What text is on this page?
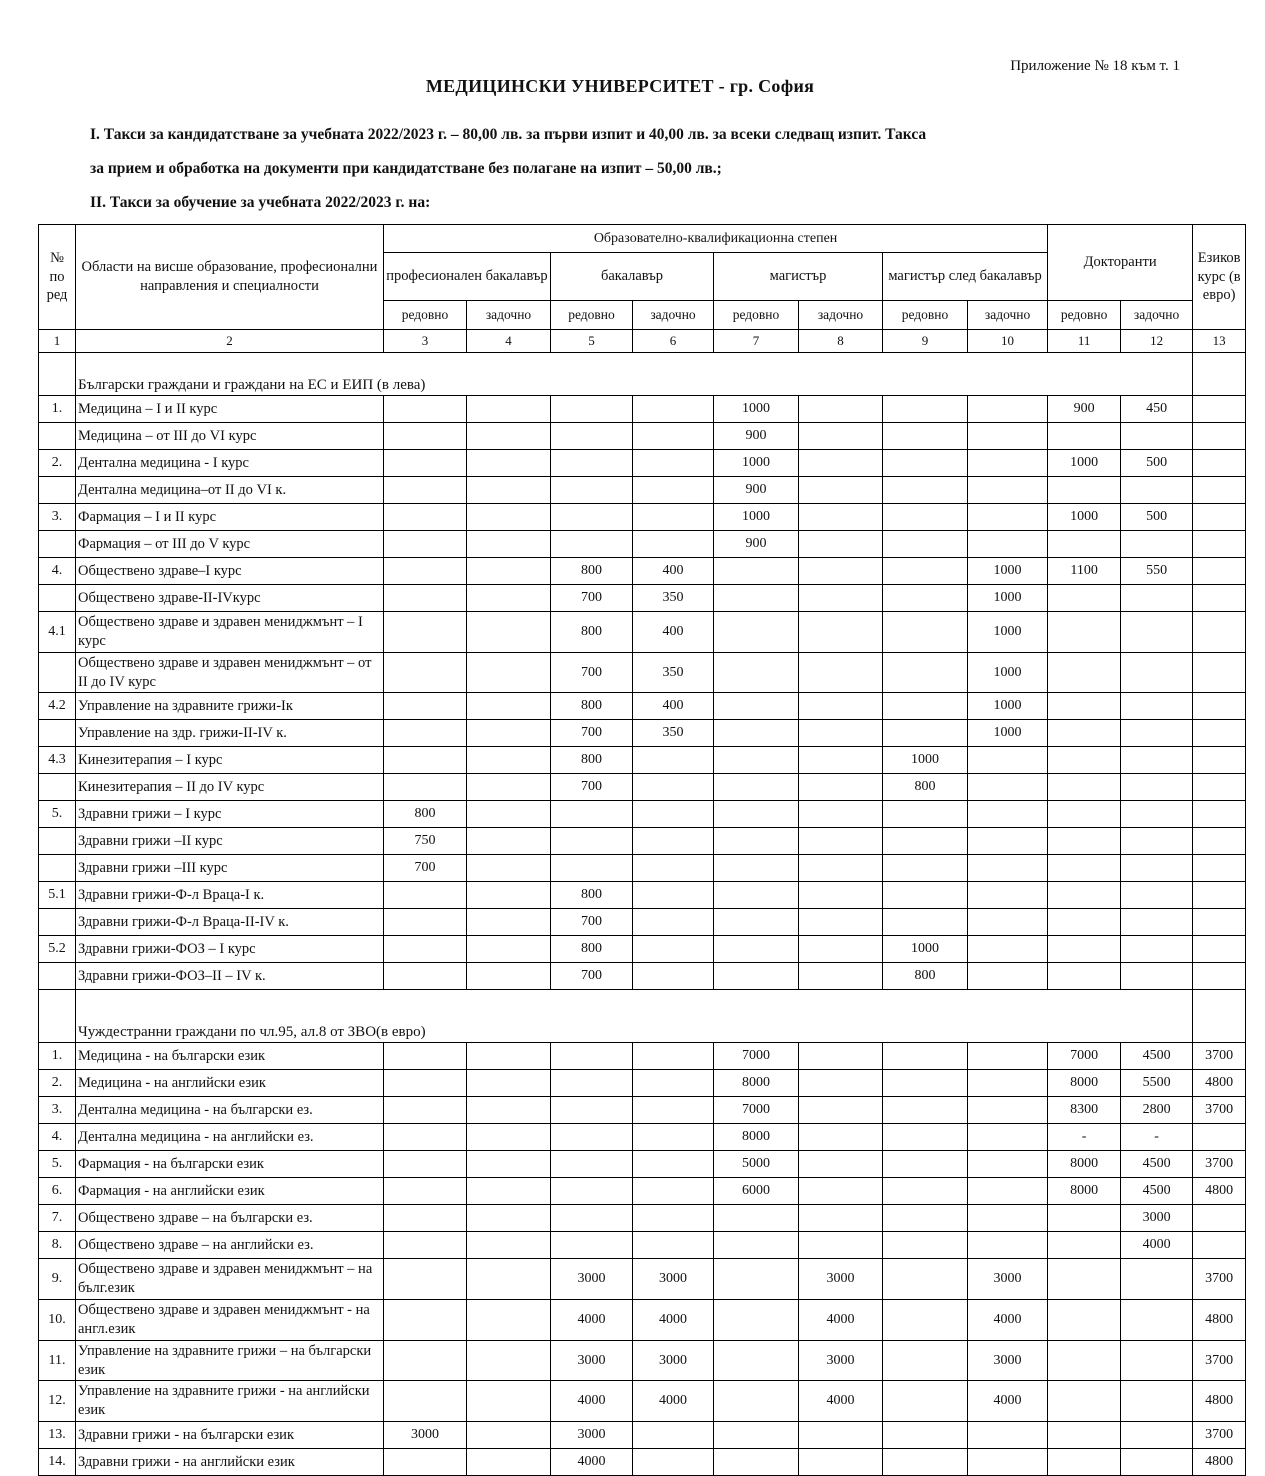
Приложение № 18 към т. 1
МЕДИЦИНСКИ УНИВЕРСИТЕТ - гр. София
I. Такси за кандидатстване за учебната 2022/2023 г. – 80,00 лв. за първи изпит и 40,00 лв. за всеки следващ изпит. Такса
за прием и обработка на документи при кандидатстване без полагане на изпит – 50,00 лв.;
II. Такси за обучение за учебната 2022/2023 г. на:
№ по ред	Области на висше образование, професионални направления и специалности	Образователно-квалификационна степен								Докторанти		Езиков курс (в евро)
		професионален бакалавър		бакалавър		магистър		магистър след бакалавър				
		редовно	задочно	редовно	задочно	редовно	задочно	редовно	задочно	редовно	задочно	
1	2	3	4	5	6	7	8	9	10	11	12	13
	Български граждани и граждани на ЕС и ЕИП (в лева)											
1.	Медицина – I и II курс					1000				900	450	
	Медицина – от III до VI курс					900						
2.	Дентална медицина - I курс					1000				1000	500	
	Дентална медицина–от II до VI к.					900						
3.	Фармация – I и II курс					1000				1000	500	
	Фармация – от III до V курс					900						
4.	Обществено здраве–I курс			800	400				1000	1100	550	
	Обществено здраве-II-IVкурс			700	350				1000			
4.1	Обществено здраве и здравен мениджмънт – I курс			800	400				1000			
	Обществено здраве и здравен мениджмънт – от II до IV курс			700	350				1000			
4.2	Управление на здравните грижи-Iк			800	400				1000			
	Управление на здр. грижи-II-IV к.			700	350				1000			
4.3	Кинезитерапия – I курс			800				1000				
	Кинезитерапия – II до IV курс			700				800				
5.	Здравни грижи – I курс	800										
	Здравни грижи –II курс	750										
	Здравни грижи –III курс	700										
5.1	Здравни грижи-Ф-л Враца-I к.			800								
	Здравни грижи-Ф-л Враца-II-IV к.			700								
5.2	Здравни грижи-ФОЗ – I курс			800				1000				
	Здравни грижи-ФОЗ–II – IV к.			700				800				
	Чуждестранни граждани по чл.95, ал.8 от ЗВО(в евро)											
1.	Медицина - на български език					7000				7000	4500	3700
2.	Медицина - на английски език					8000				8000	5500	4800
3.	Дентална медицина - на български ез.					7000				8300	2800	3700
4.	Дентална медицина - на английски ез.					8000				-	-	
5.	Фармация - на български език					5000				8000	4500	3700
6.	Фармация - на английски език					6000				8000	4500	4800
7.	Обществено здраве – на български ез.										3000	
8.	Обществено здраве – на английски ез.										4000	
9.	Обществено здраве и здравен мениджмънт – на бълг.език			3000	3000		3000		3000			3700
10.	Обществено здраве и здравен мениджмънт - на англ.език			4000	4000		4000		4000			4800
11.	Управление на здравните грижи – на български език			3000	3000		3000		3000			3700
12.	Управление на здравните грижи - на английски език			4000	4000		4000		4000			4800
13.	Здравни грижи - на български език	3000		3000								3700
14.	Здравни грижи - на английски език			4000								4800
